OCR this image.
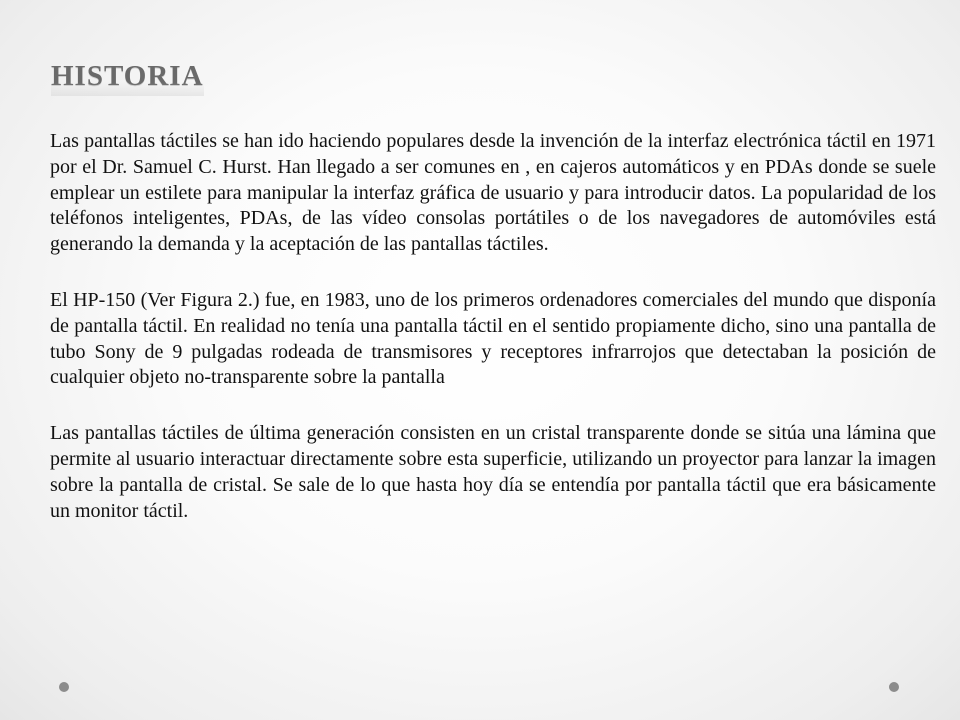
HISTORIA

Las pantallas táctiles se han ido haciendo populares desde la invención de la interfaz electrónica táctil en 1971 por el Dr. Samuel C. Hurst. Han llegado a ser comunes en , en cajeros automáticos y en PDAs donde se suele emplear un estilete para manipular la interfaz gráfica de usuario y para introducir datos. La popularidad de los teléfonos inteligentes, PDAs, de las vídeo consolas portátiles o de los navegadores de automóviles está generando la demanda y la aceptación de las pantallas táctiles.

El HP-150 (Ver Figura 2.) fue, en 1983, uno de los primeros ordenadores comerciales del mundo que disponía de pantalla táctil. En realidad no tenía una pantalla táctil en el sentido propiamente dicho, sino una pantalla de tubo Sony de 9 pulgadas rodeada de transmisores y receptores infrarrojos que detectaban la posición de cualquier objeto no-transparente sobre la pantalla

Las pantallas táctiles de última generación consisten en un cristal transparente donde se sitúa una lámina que permite al usuario interactuar directamente sobre esta superficie, utilizando un proyector para lanzar la imagen sobre la pantalla de cristal. Se sale de lo que hasta hoy día se entendía por pantalla táctil que era básicamente un monitor táctil.
